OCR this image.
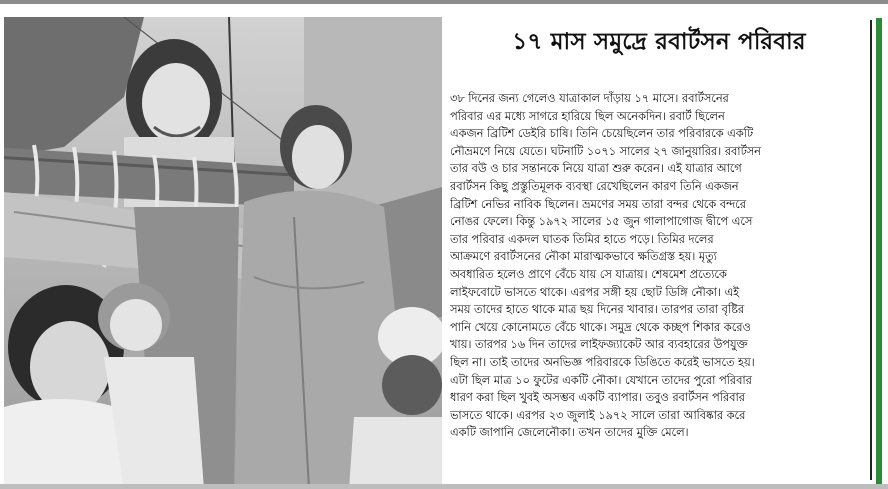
১৭ মাস সমুদ্রে রবার্টসন পরিবার
৩৮ দিনের জন্য গেলেও যাত্রাকাল দাঁড়ায় ১৭ মাসে। রবার্টসনের
পরিবার এর মধ্যে সাগরে হারিয়ে ছিল অনেকদিন। রবার্ট ছিলেন
একজন ব্রিটিশ ডেইরি চাষি। তিনি চেয়েছিলেন তার পরিবারকে একটি
নৌভ্রমণে নিয়ে যেতে। ঘটনাটি ১০৭১ সালের ২৭ জানুয়ারির। রবার্টসন
তার বউ ও চার সন্তানকে নিয়ে যাত্রা শুরু করেন। এই যাত্রার আগে
রবার্টসন কিছু প্রস্তুতিমূলক ব্যবস্থা রেখেছিলেন কারণ তিনি একজন
ব্রিটিশ নেভির নাবিক ছিলেন। ভ্রমণের সময় তারা বন্দর থেকে বন্দরে
নোঙর ফেলে। কিন্তু ১৯৭২ সালের ১৫ জুন গালাপাগোজ দ্বীপে এসে
তার পরিবার একদল ঘাতক তিমির হাতে পড়ে। তিমির দলের
আক্রমণে রবার্টসনের নৌকা মারাত্মকভাবে ক্ষতিগ্রস্ত হয়। মৃত্যু
অবধারিত হলেও প্রাণে বেঁচে যায় সে যাত্রায়। শেষমেশ প্রত্যেকে
লাইফবোটে ভাসতে থাকে। এরপর সঙ্গী হয় ছোট ডিঙ্গি নৌকা। এই
সময় তাদের হাতে থাকে মাত্র ছয় দিনের খাবার। তারপর তারা বৃষ্টির
পানি খেয়ে কোনোমতে বেঁচে থাকে। সমুদ্র থেকে কচ্ছপ শিকার করেও
খায়। তারপর ১৬ দিন তাদের লাইফজ্যাকেট আর ব্যবহারের উপযুক্ত
ছিল না। তাই তাদের অনভিজ্ঞ পরিবারকে ডিঙিতে করেই ভাসতে হয়।
এটা ছিল মাত্র ১০ ফুটের একটি নৌকা। যেখানে তাদের পুরো পরিবার
ধারণ করা ছিল খুবই অসম্ভব একটি ব্যাপার। তবুও রবার্টসন পরিবার
ভাসতে থাকে। এরপর ২৩ জুলাই ১৯৭২ সালে তারা আবিষ্কার করে
একটি জাপানি জেলেনৌকা। তখন তাদের মুক্তি মেলে।
